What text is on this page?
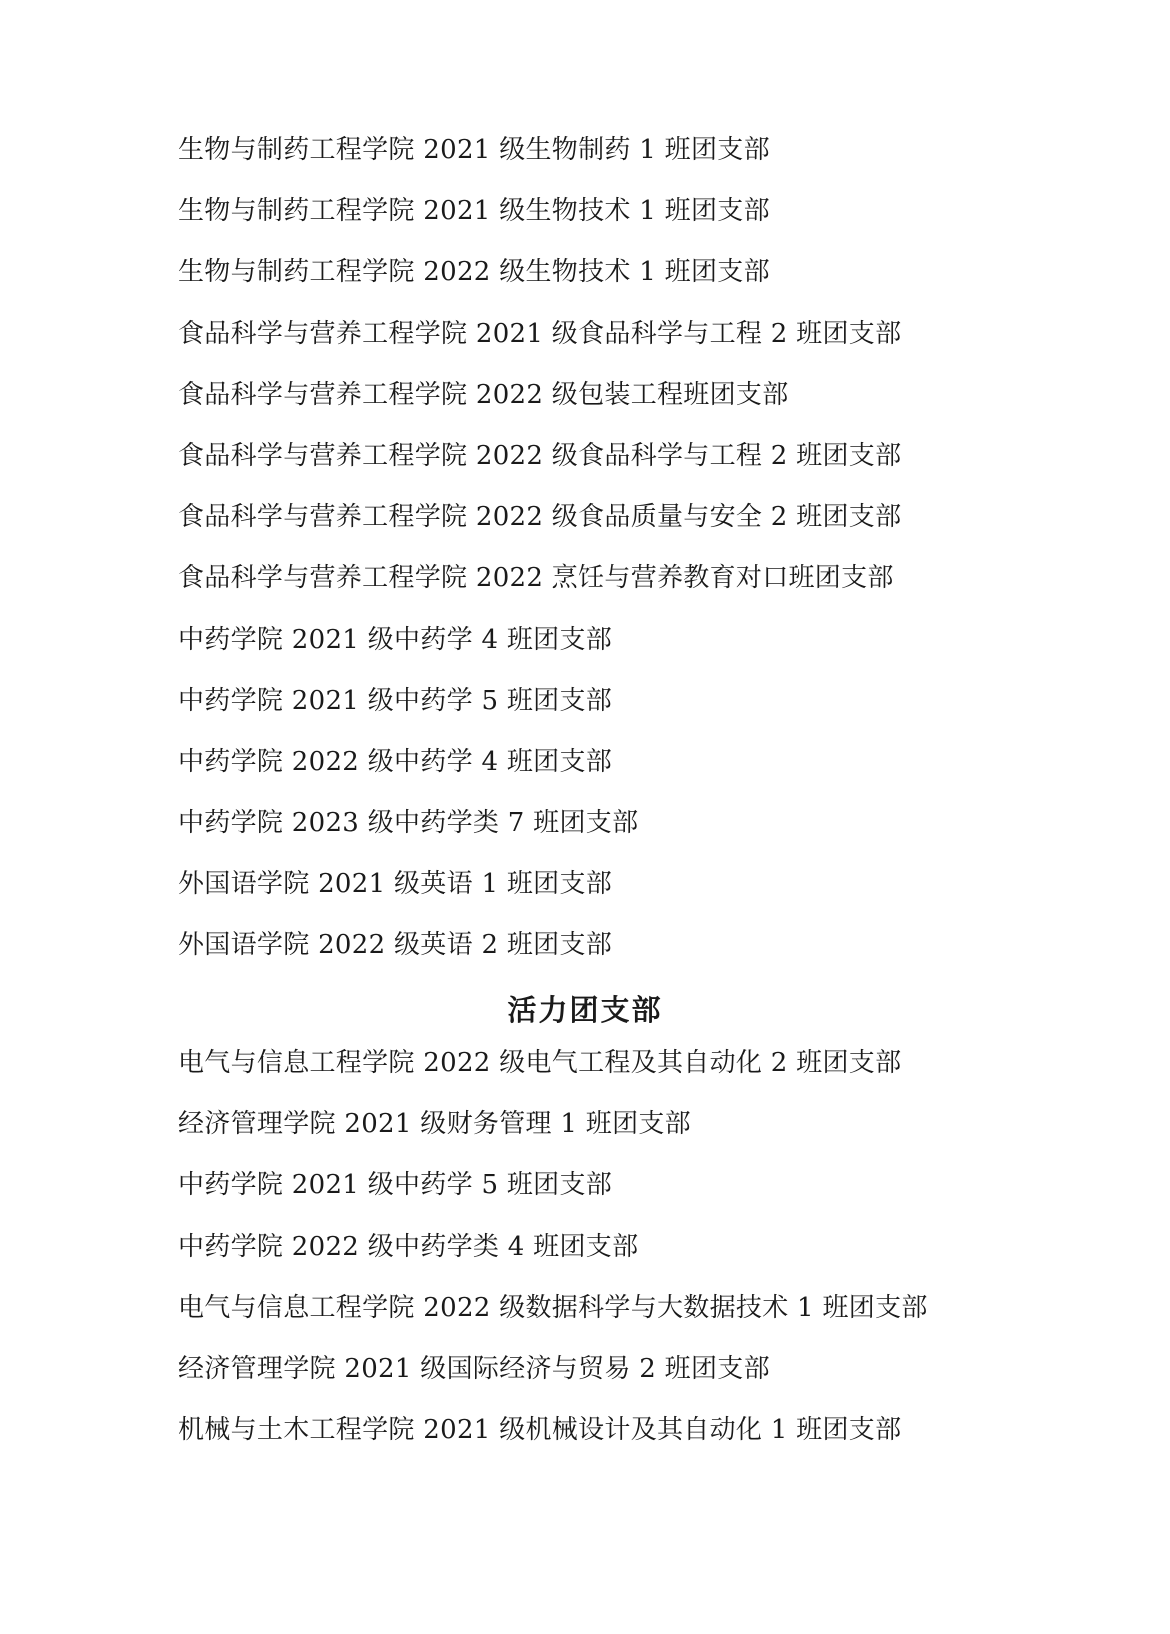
生物与制药工程学院 2021 级生物制药 1 班团支部
生物与制药工程学院 2021 级生物技术 1 班团支部
生物与制药工程学院 2022 级生物技术 1 班团支部
食品科学与营养工程学院 2021 级食品科学与工程 2 班团支部
食品科学与营养工程学院 2022 级包装工程班团支部
食品科学与营养工程学院 2022 级食品科学与工程 2 班团支部
食品科学与营养工程学院 2022 级食品质量与安全 2 班团支部
食品科学与营养工程学院 2022 烹饪与营养教育对口班团支部
中药学院 2021 级中药学 4 班团支部
中药学院 2021 级中药学 5 班团支部
中药学院 2022 级中药学 4 班团支部
中药学院 2023 级中药学类 7 班团支部
外国语学院 2021 级英语 1 班团支部
外国语学院 2022 级英语 2 班团支部
活力团支部
电气与信息工程学院 2022 级电气工程及其自动化 2 班团支部
经济管理学院 2021 级财务管理 1 班团支部
中药学院 2021 级中药学 5 班团支部
中药学院 2022 级中药学类 4 班团支部
电气与信息工程学院 2022 级数据科学与大数据技术 1 班团支部
经济管理学院 2021 级国际经济与贸易 2 班团支部
机械与土木工程学院 2021 级机械设计及其自动化 1 班团支部
